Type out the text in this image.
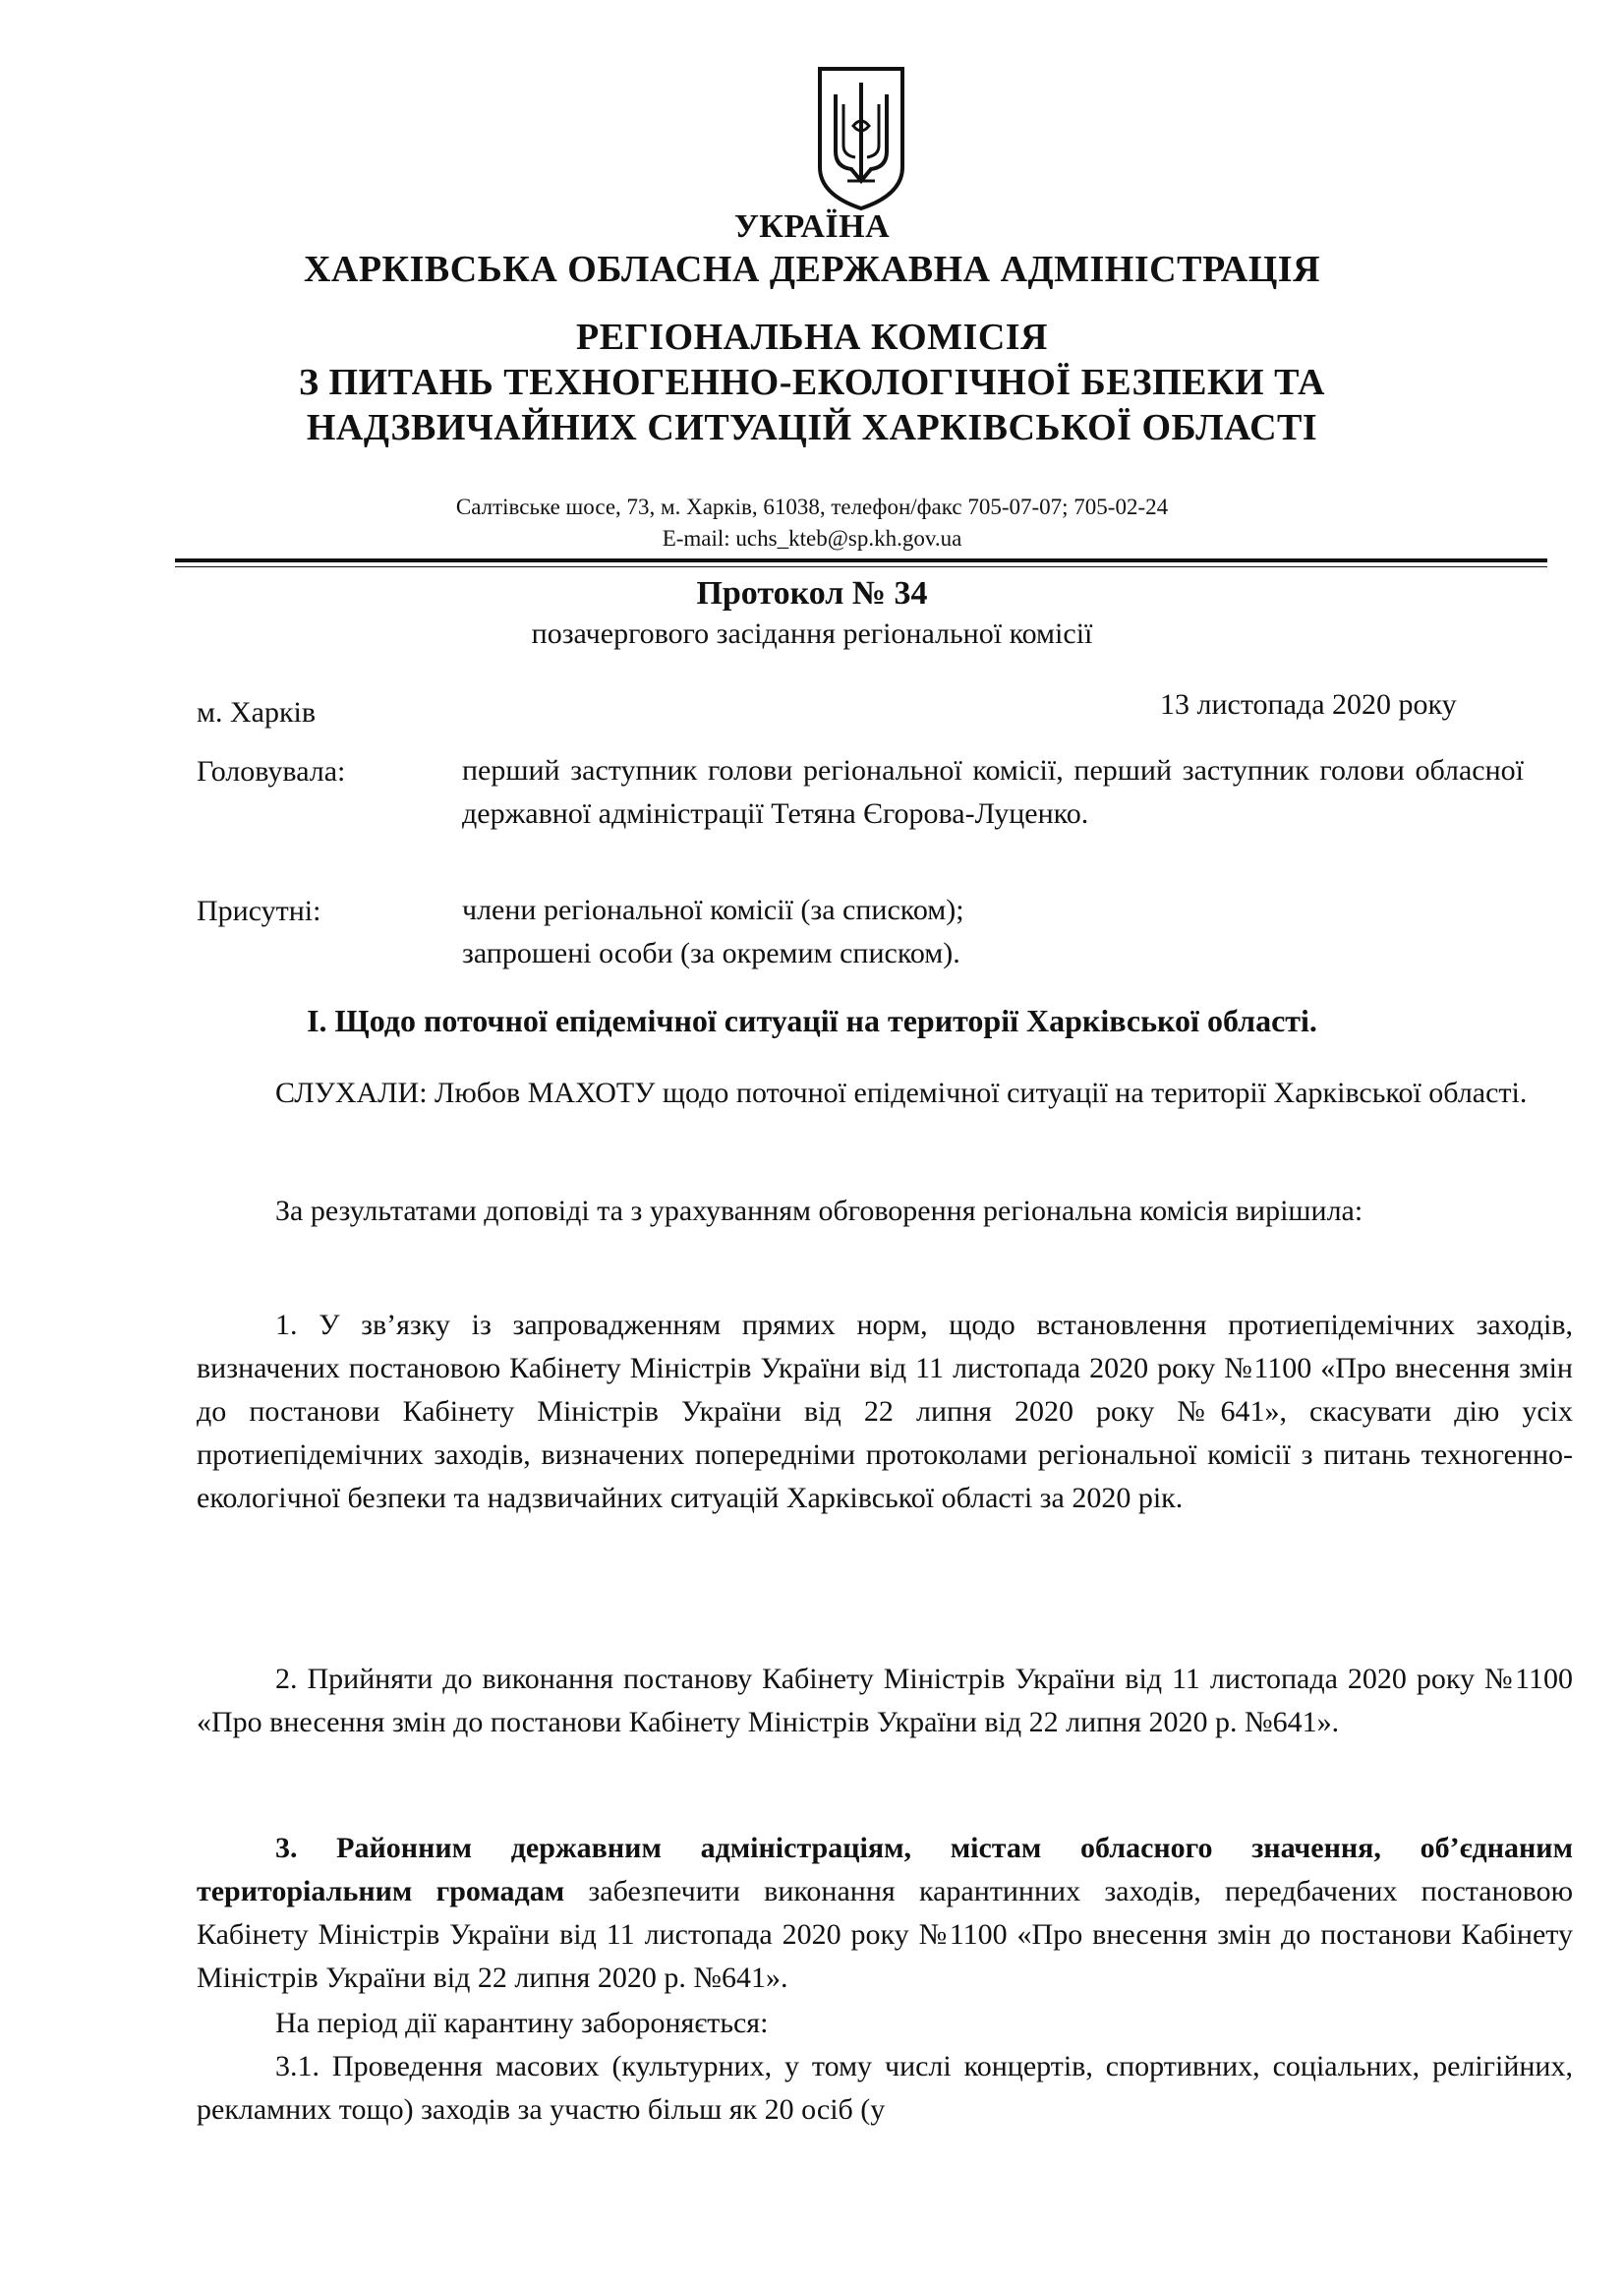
УКРАЇНА
ХАРКІВСЬКА ОБЛАСНА ДЕРЖАВНА АДМІНІСТРАЦІЯ
РЕГІОНАЛЬНА КОМІСІЯ
З ПИТАНЬ ТЕХНОГЕННО-ЕКОЛОГІЧНОЇ БЕЗПЕКИ ТА
НАДЗВИЧАЙНИХ СИТУАЦІЙ ХАРКІВСЬКОЇ ОБЛАСТІ
Салтівське шосе, 73, м. Харків, 61038, телефон/факс 705-07-07; 705-02-24
E-mail: uchs_kteb@sp.kh.gov.ua
Протокол № 34
позачергового засідання регіональної комісії
м. Харків	13 листопада 2020 року
Головувала:	перший заступник голови регіональної комісії, перший заступник голови обласної державної адміністрації Тетяна Єгорова-Луценко.
Присутні:	члени регіональної комісії (за списком);
запрошені особи (за окремим списком).
I. Щодо поточної епідемічної ситуації на території Харківської області.
СЛУХАЛИ: Любов МАХОТУ щодо поточної епідемічної ситуації на території Харківської області.
За результатами доповіді та з урахуванням обговорення регіональна комісія вирішила:
1. У зв’язку із запровадженням прямих норм, щодо встановлення протиепідемічних заходів, визначених постановою Кабінету Міністрів України від 11 листопада 2020 року №1100 «Про внесення змін до постанови Кабінету Міністрів України від 22 липня 2020 року №641», скасувати дію усіх протиепідемічних заходів, визначених попередніми протоколами регіональної комісії з питань техногенно-екологічної безпеки та надзвичайних ситуацій Харківської області за 2020 рік.
2. Прийняти до виконання постанову Кабінету Міністрів України від 11 листопада 2020 року №1100 «Про внесення змін до постанови Кабінету Міністрів України від 22 липня 2020 р. №641».
3. Районним державним адміністраціям, містам обласного значення, об’єднаним територіальним громадам забезпечити виконання карантинних заходів, передбачених постановою Кабінету Міністрів України від 11 листопада 2020 року №1100 «Про внесення змін до постанови Кабінету Міністрів України від 22 липня 2020 р. №641».
На період дії карантину забороняється:
3.1. Проведення масових (культурних, у тому числі концертів, спортивних, соціальних, релігійних, рекламних тощо) заходів за участю більш як 20 осіб (у
